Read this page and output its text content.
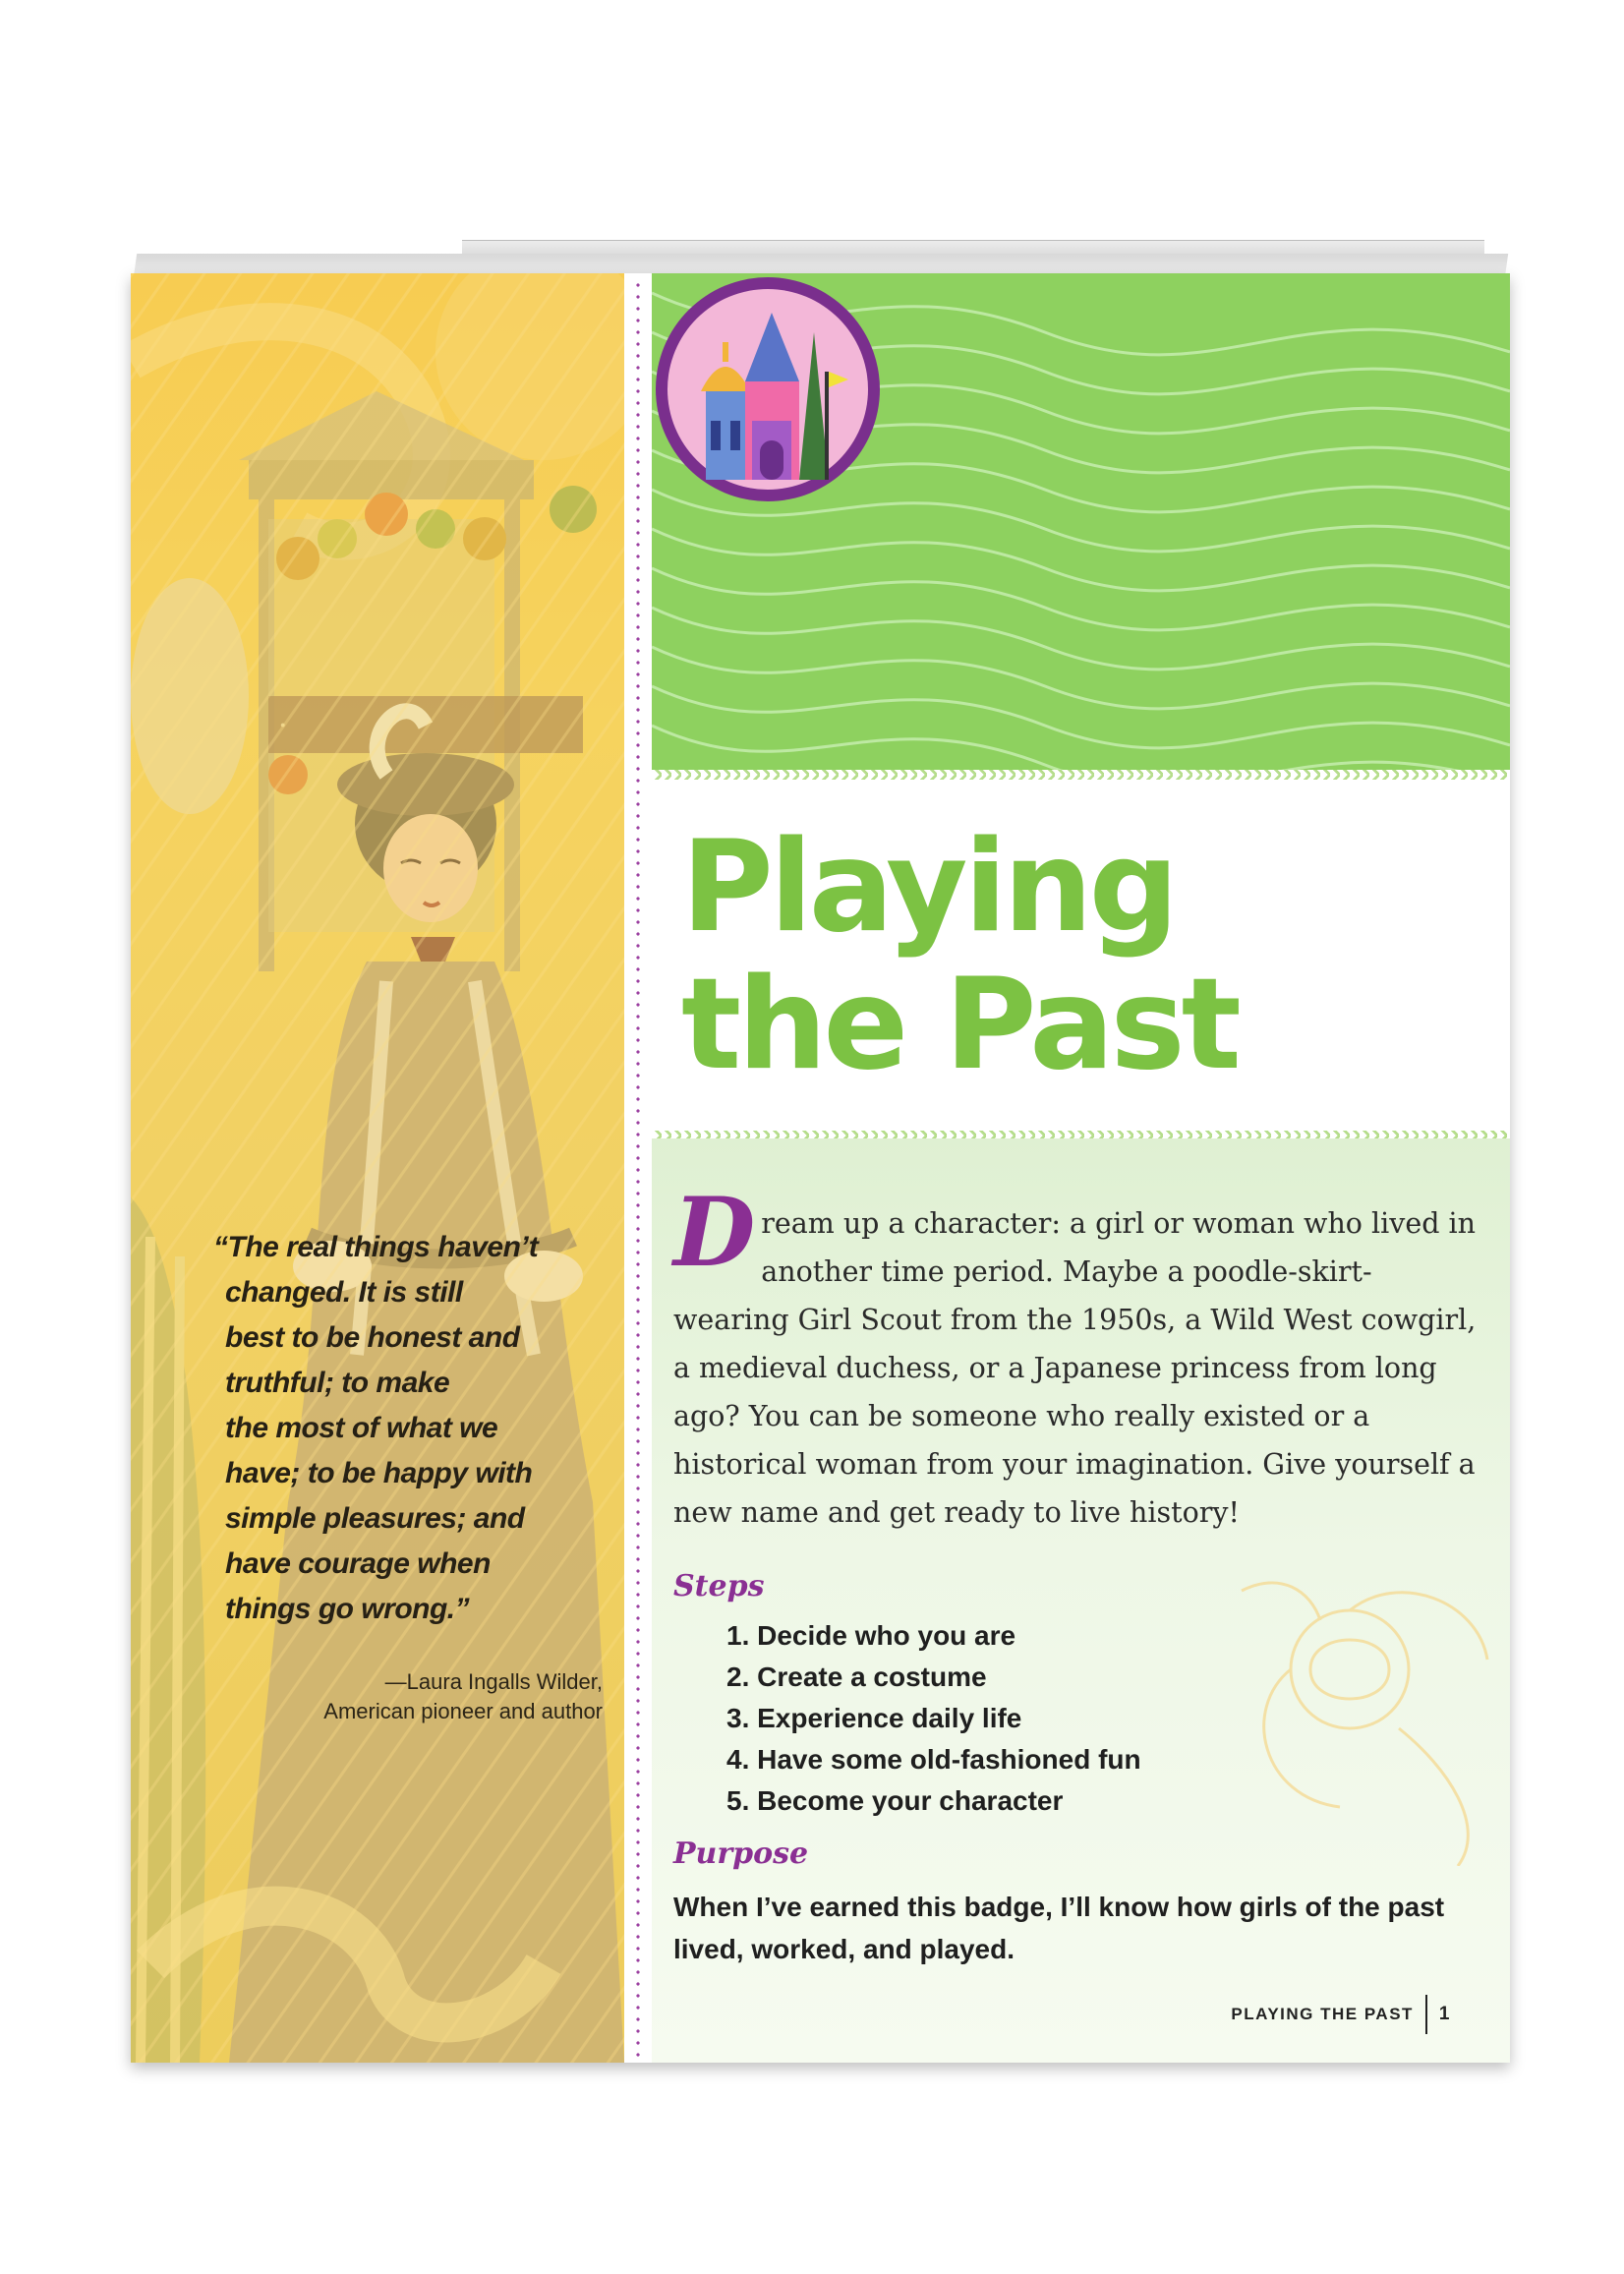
“The real things haven’t
changed. It is still
best to be honest and
truthful; to make
the most of what we
have; to be happy with
simple pleasures; and
have courage when
things go wrong.”
—Laura Ingalls Wilder,
American pioneer and author
Playing
the Past
Dream up a character: a girl or woman who lived in another time period. Maybe a poodle-skirt-wearing Girl Scout from the 1950s, a Wild West cowgirl, a medieval duchess, or a Japanese princess from long ago? You can be someone who really existed or a historical woman from your imagination. Give yourself a new name and get ready to live history!
Steps
1. Decide who you are
2. Create a costume
3. Experience daily life
4. Have some old-fashioned fun
5. Become your character
Purpose
When I’ve earned this badge, I’ll know how girls of the past lived, worked, and played.
PLAYING THE PAST 1
